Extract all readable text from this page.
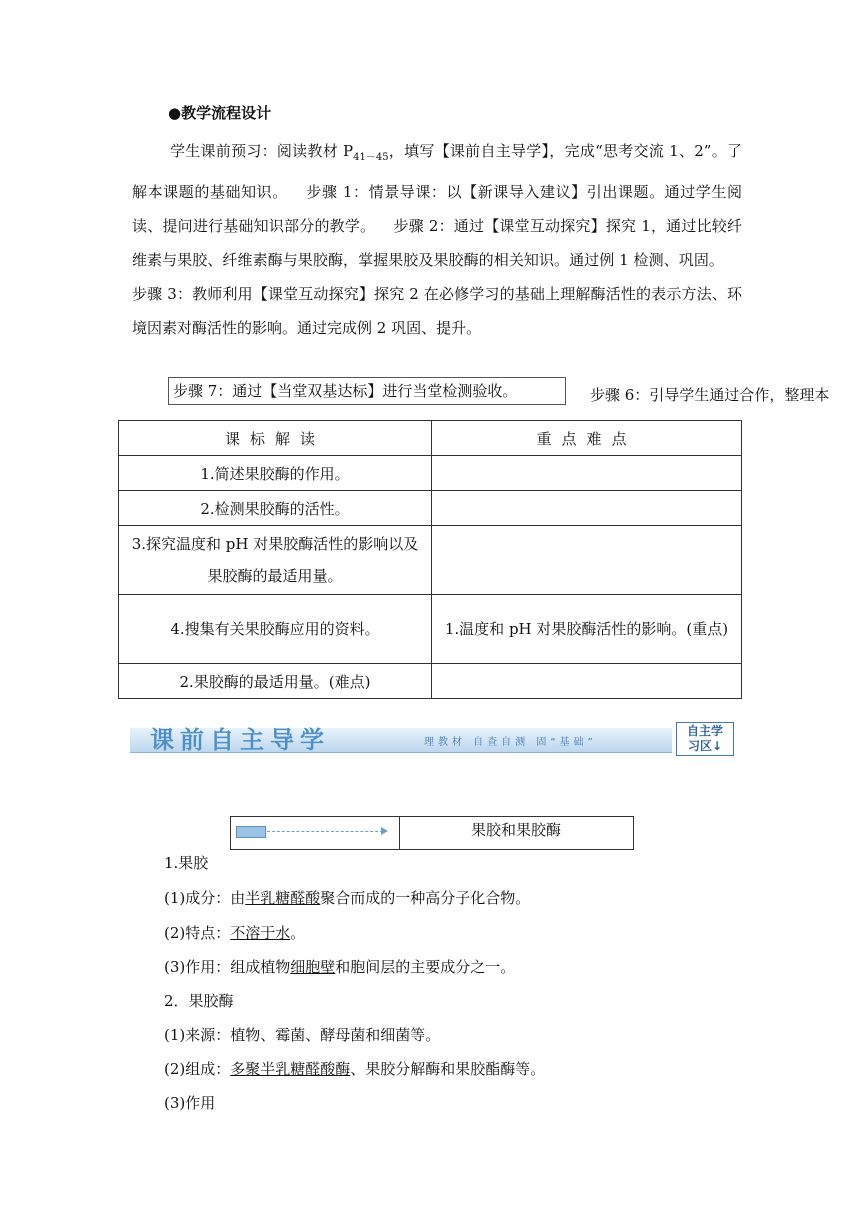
●教学流程设计
学生课前预习：阅读教材 $P_{41-45}$，填写【课前自主导学】，完成“思考交流 1、2”。了解本课题的基础知识。 步骤 1：情景导课：以【新课导入建议】引出课题。通过学生阅读、提问进行基础知识部分的教学。 步骤 2：通过【课堂互动探究】探究 1，通过比较纤维素与果胶、纤维素酶与果胶酶，掌握果胶及果胶酶的相关知识。通过例 1 检测、巩固。步骤 3：教师利用【课堂互动探究】探究 2 在必修学习的基础上理解酶活性的表示方法、环境因素对酶活性的影响。通过完成例 2 巩固、提升。
步骤 7：通过【当堂双基达标】进行当堂检测验收。	步骤 6：引导学生通过合作，整理本
课标解读	重点难点
1.简述果胶酶的作用。	
2.检测果胶酶的活性。	
3.探究温度和 pH 对果胶酶活性的影响以及果胶酶的最适用量。	
4.搜集有关果胶酶应用的资料。	1.温度和 pH 对果胶酶活性的影响。(重点)
2.果胶酶的最适用量。(难点)	
课前自主导学	理教材 自查自测 固“基础”
自主学
习区↓
果胶和果胶酶
1.果胶
(1)成分：由半乳糖醛酸聚合而成的一种高分子化合物。
(2)特点：不溶于水。
(3)作用：组成植物细胞壁和胞间层的主要成分之一。
2．果胶酶
(1)来源：植物、霉菌、酵母菌和细菌等。
(2)组成：多聚半乳糖醛酸酶、果胶分解酶和果胶酯酶等。
(3)作用
